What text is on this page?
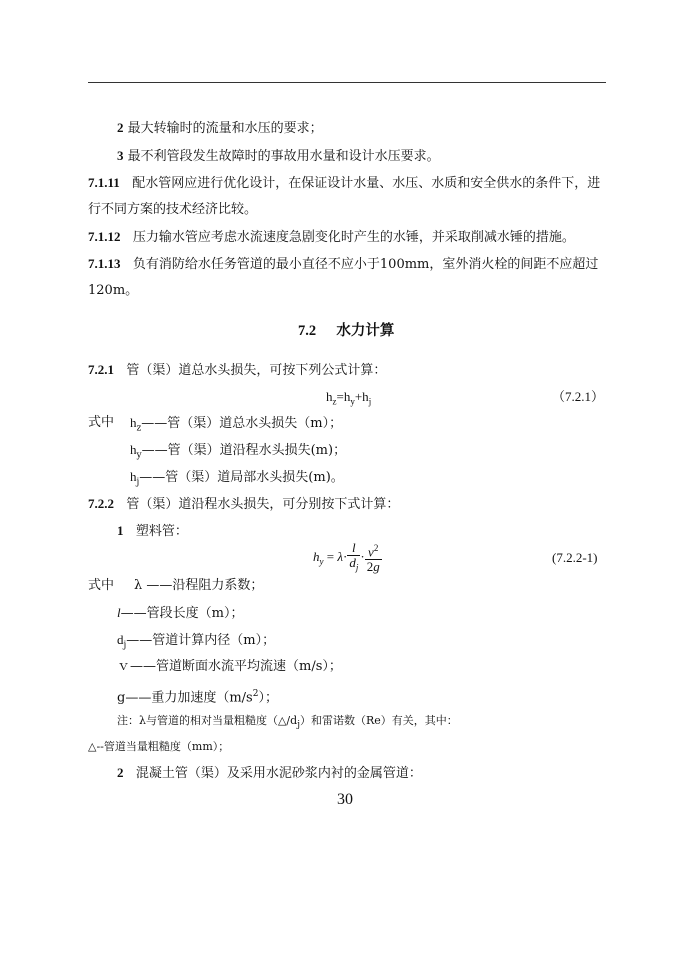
2 最大转输时的流量和水压的要求；
3 最不利管段发生故障时的事故用水量和设计水压要求。
7.1.11 配水管网应进行优化设计，在保证设计水量、水压、水质和安全供水的条件下，进
行不同方案的技术经济比较。
7.1.12 压力输水管应考虑水流速度急剧变化时产生的水锤，并采取削减水锤的措施。
7.1.13 负有消防给水任务管道的最小直径不应小于100mm，室外消火栓的间距不应超过
120m。
7.2 水力计算
7.2.1 管（渠）道总水头损失，可按下列公式计算：
$h_z=h_y+h_j$	（7.2.1）
式中 $h_z——$管（渠）道总水头损失（m）；
$h_y——$管（渠）道沿程水头损失(m)；
$h_j——$管（渠）道局部水头损失(m)。
7.2.2 管（渠）道沿程水头损失，可分别按下式计算：
1 塑料管：
$h_y = \lambda\cdot \frac{l}{d_j} \cdot \frac{v^2}{2g}$	(7.2.2-1)
式中 λ ——沿程阻力系数；
l——管段长度（m）；
$d_j——$管道计算内径（m）；
ｖ——管道断面水流平均流速（m/s）；
g——重力加速度$(m/s^2)$；
注：λ与管道的相对当量粗糙度$(\triangle/d_j)$和雷诺数（Re）有关，其中：
△--管道当量粗糙度（mm）；
2 混凝土管（渠）及采用水泥砂浆内衬的金属管道：
30
